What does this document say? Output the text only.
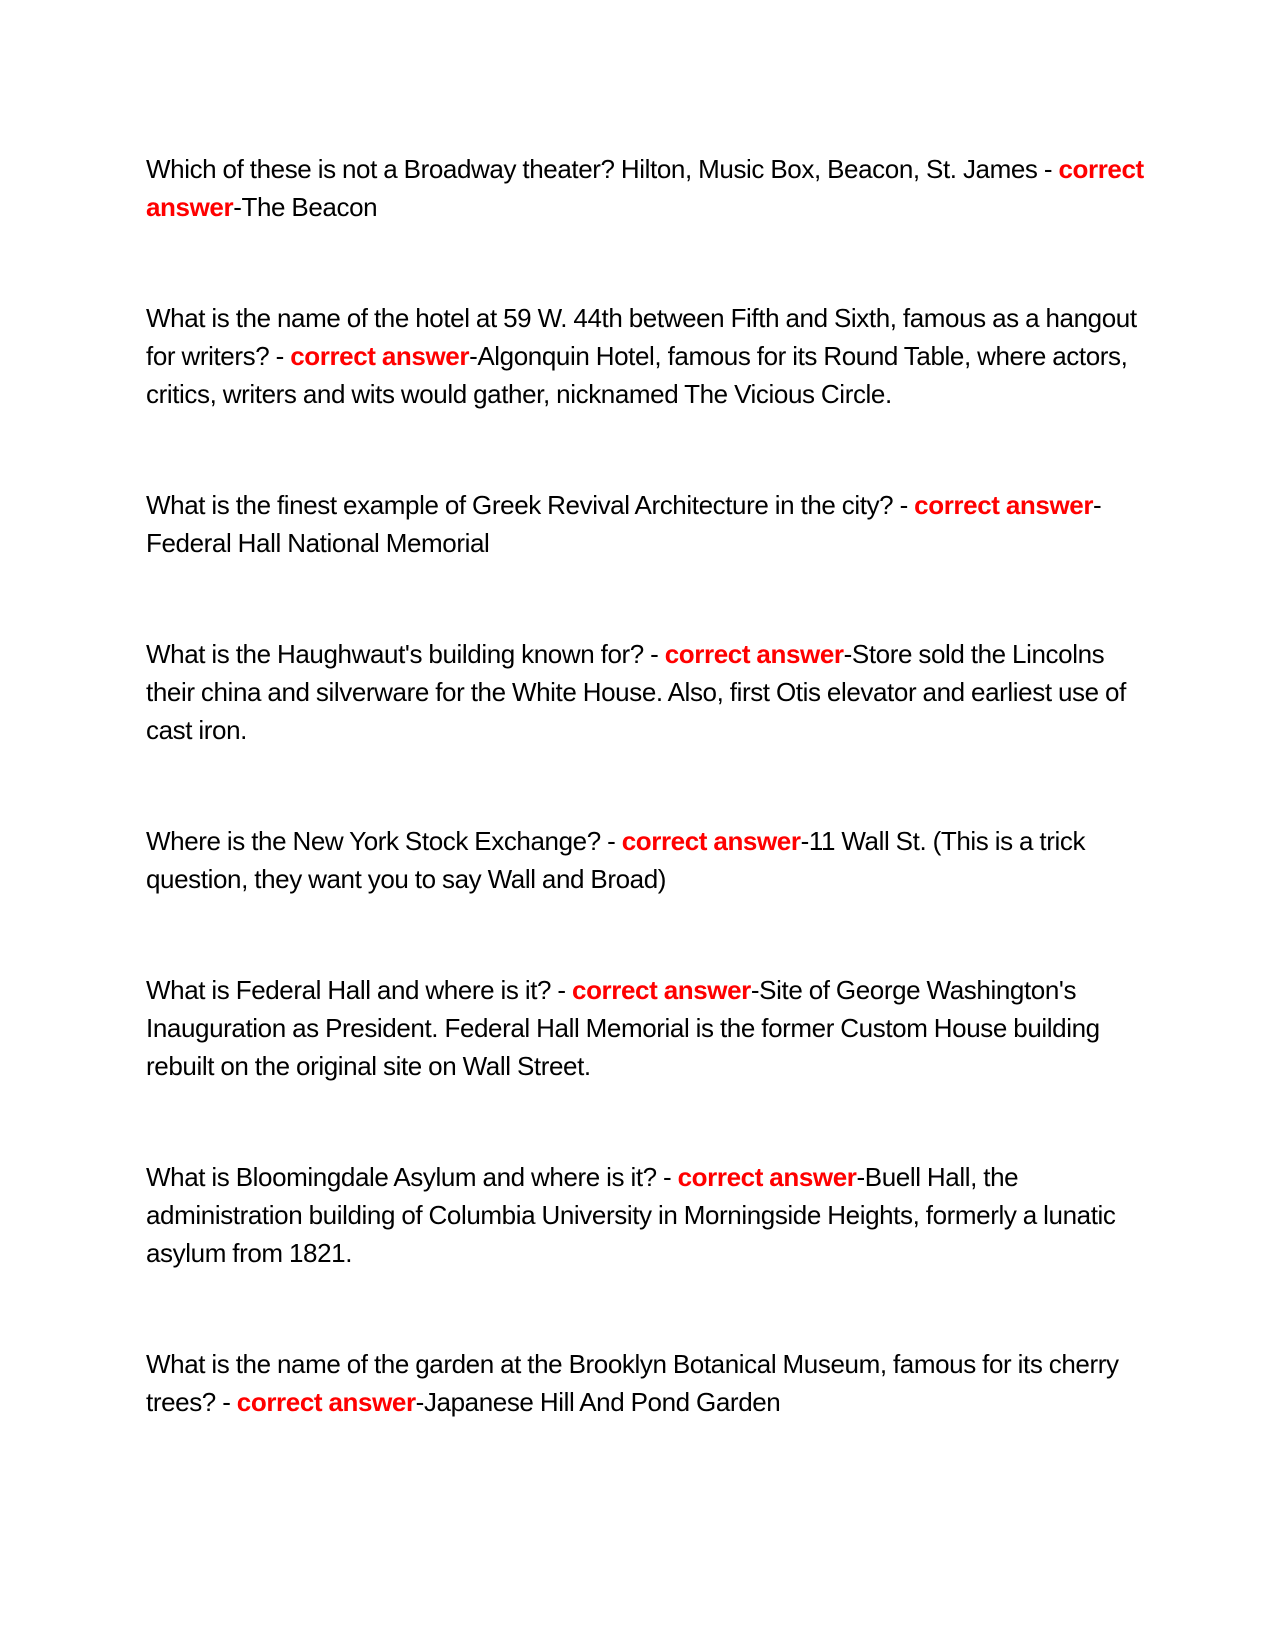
Which of these is not a Broadway theater? Hilton, Music Box, Beacon, St. James - correct answer-The Beacon

What is the name of the hotel at 59 W. 44th between Fifth and Sixth, famous as a hangout for writers? - correct answer-Algonquin Hotel, famous for its Round Table, where actors, critics, writers and wits would gather, nicknamed The Vicious Circle.

What is the finest example of Greek Revival Architecture in the city? - correct answer-Federal Hall National Memorial

What is the Haughwaut's building known for? - correct answer-Store sold the Lincolns their china and silverware for the White House. Also, first Otis elevator and earliest use of cast iron.

Where is the New York Stock Exchange? - correct answer-11 Wall St. (This is a trick question, they want you to say Wall and Broad)

What is Federal Hall and where is it? - correct answer-Site of George Washington's Inauguration as President. Federal Hall Memorial is the former Custom House building rebuilt on the original site on Wall Street.

What is Bloomingdale Asylum and where is it? - correct answer-Buell Hall, the administration building of Columbia University in Morningside Heights, formerly a lunatic asylum from 1821.

What is the name of the garden at the Brooklyn Botanical Museum, famous for its cherry trees? - correct answer-Japanese Hill And Pond Garden
